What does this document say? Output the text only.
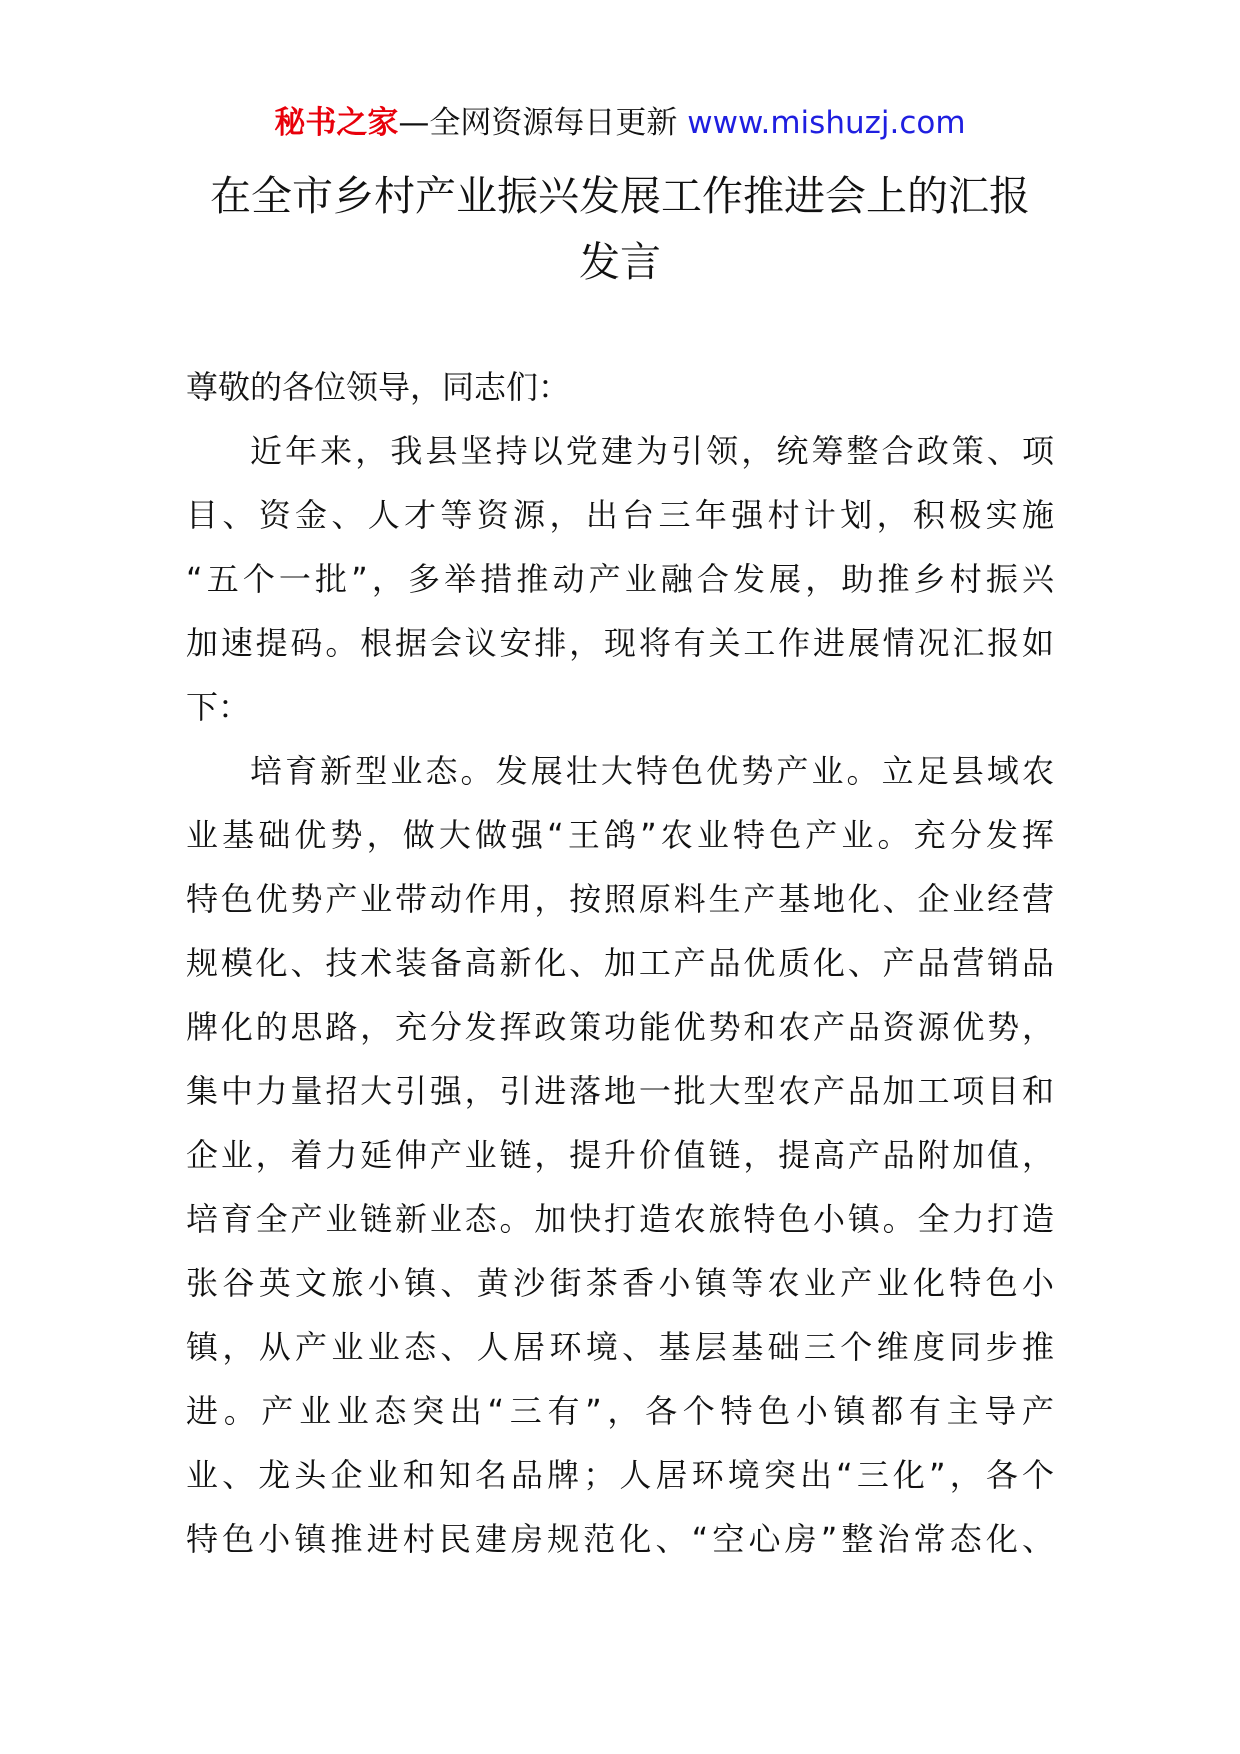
秘书之家—全网资源每日更新 www.mishuzj.com
在全市乡村产业振兴发展工作推进会上的汇报
发言
尊敬的各位领导，同志们：
近年来，我县坚持以党建为引领，统筹整合政策、项
目、资金、人才等资源，出台三年强村计划，积极实施
“五个一批”，多举措推动产业融合发展，助推乡村振兴
加速提码。根据会议安排，现将有关工作进展情况汇报如
下：
培育新型业态。发展壮大特色优势产业。立足县域农
业基础优势，做大做强“王鸽”农业特色产业。充分发挥
特色优势产业带动作用，按照原料生产基地化、企业经营
规模化、技术装备高新化、加工产品优质化、产品营销品
牌化的思路，充分发挥政策功能优势和农产品资源优势，
集中力量招大引强，引进落地一批大型农产品加工项目和
企业，着力延伸产业链，提升价值链，提高产品附加值，
培育全产业链新业态。加快打造农旅特色小镇。全力打造
张谷英文旅小镇、黄沙街茶香小镇等农业产业化特色小
镇，从产业业态、人居环境、基层基础三个维度同步推
进。产业业态突出“三有”，各个特色小镇都有主导产
业、龙头企业和知名品牌；人居环境突出“三化”，各个
特色小镇推进村民建房规范化、“空心房”整治常态化、
